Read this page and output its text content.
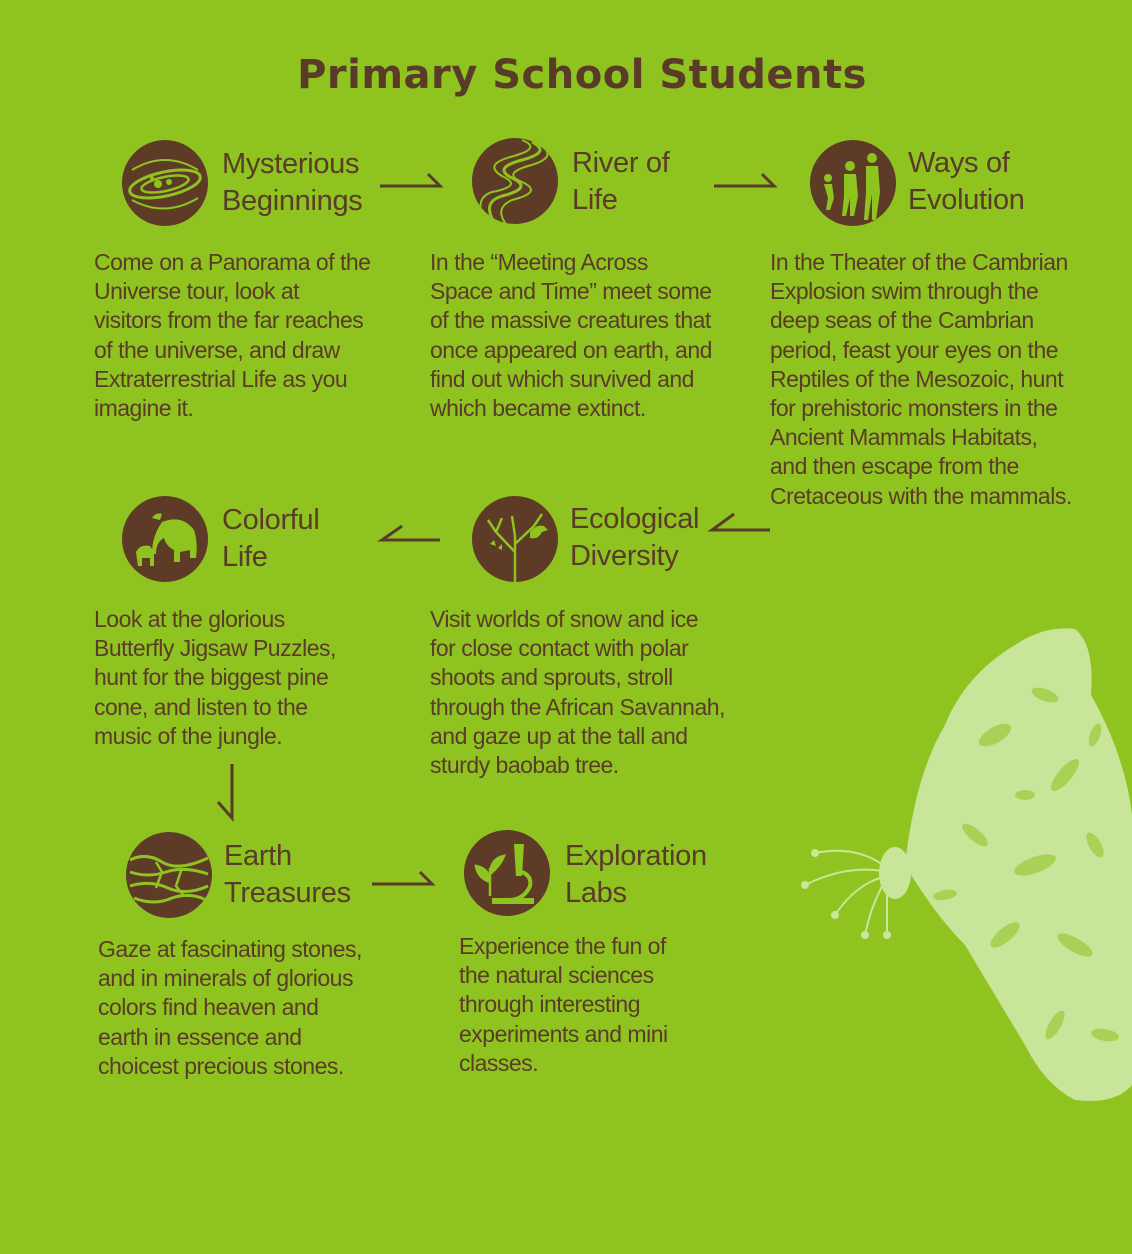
Primary School Students
Mysterious
Beginnings
Come on a Panorama of the
Universe tour, look at
visitors from the far reaches
of the universe, and draw
Extraterrestrial Life as you
imagine it.
River of
Life
In the “Meeting Across
Space and Time” meet some
of the massive creatures that
once appeared on earth, and
find out which survived and
which became extinct.
Ways of
Evolution
In the Theater of the Cambrian
Explosion swim through the
deep seas of the Cambrian
period, feast your eyes on the
Reptiles of the Mesozoic, hunt
for prehistoric monsters in the
Ancient Mammals Habitats,
and then escape from the
Cretaceous with the mammals.
Ecological
Diversity
Visit worlds of snow and ice
for close contact with polar
shoots and sprouts, stroll
through the African Savannah,
and gaze up at the tall and
sturdy baobab tree.
Colorful
Life
Look at the glorious
Butterfly Jigsaw Puzzles,
hunt for the biggest pine
cone, and listen to the
music of the jungle.
Earth
Treasures
Gaze at fascinating stones,
and in minerals of glorious
colors find heaven and
earth in essence and
choicest precious stones.
Exploration
Labs
Experience the fun of
the natural sciences
through interesting
experiments and mini
classes.
